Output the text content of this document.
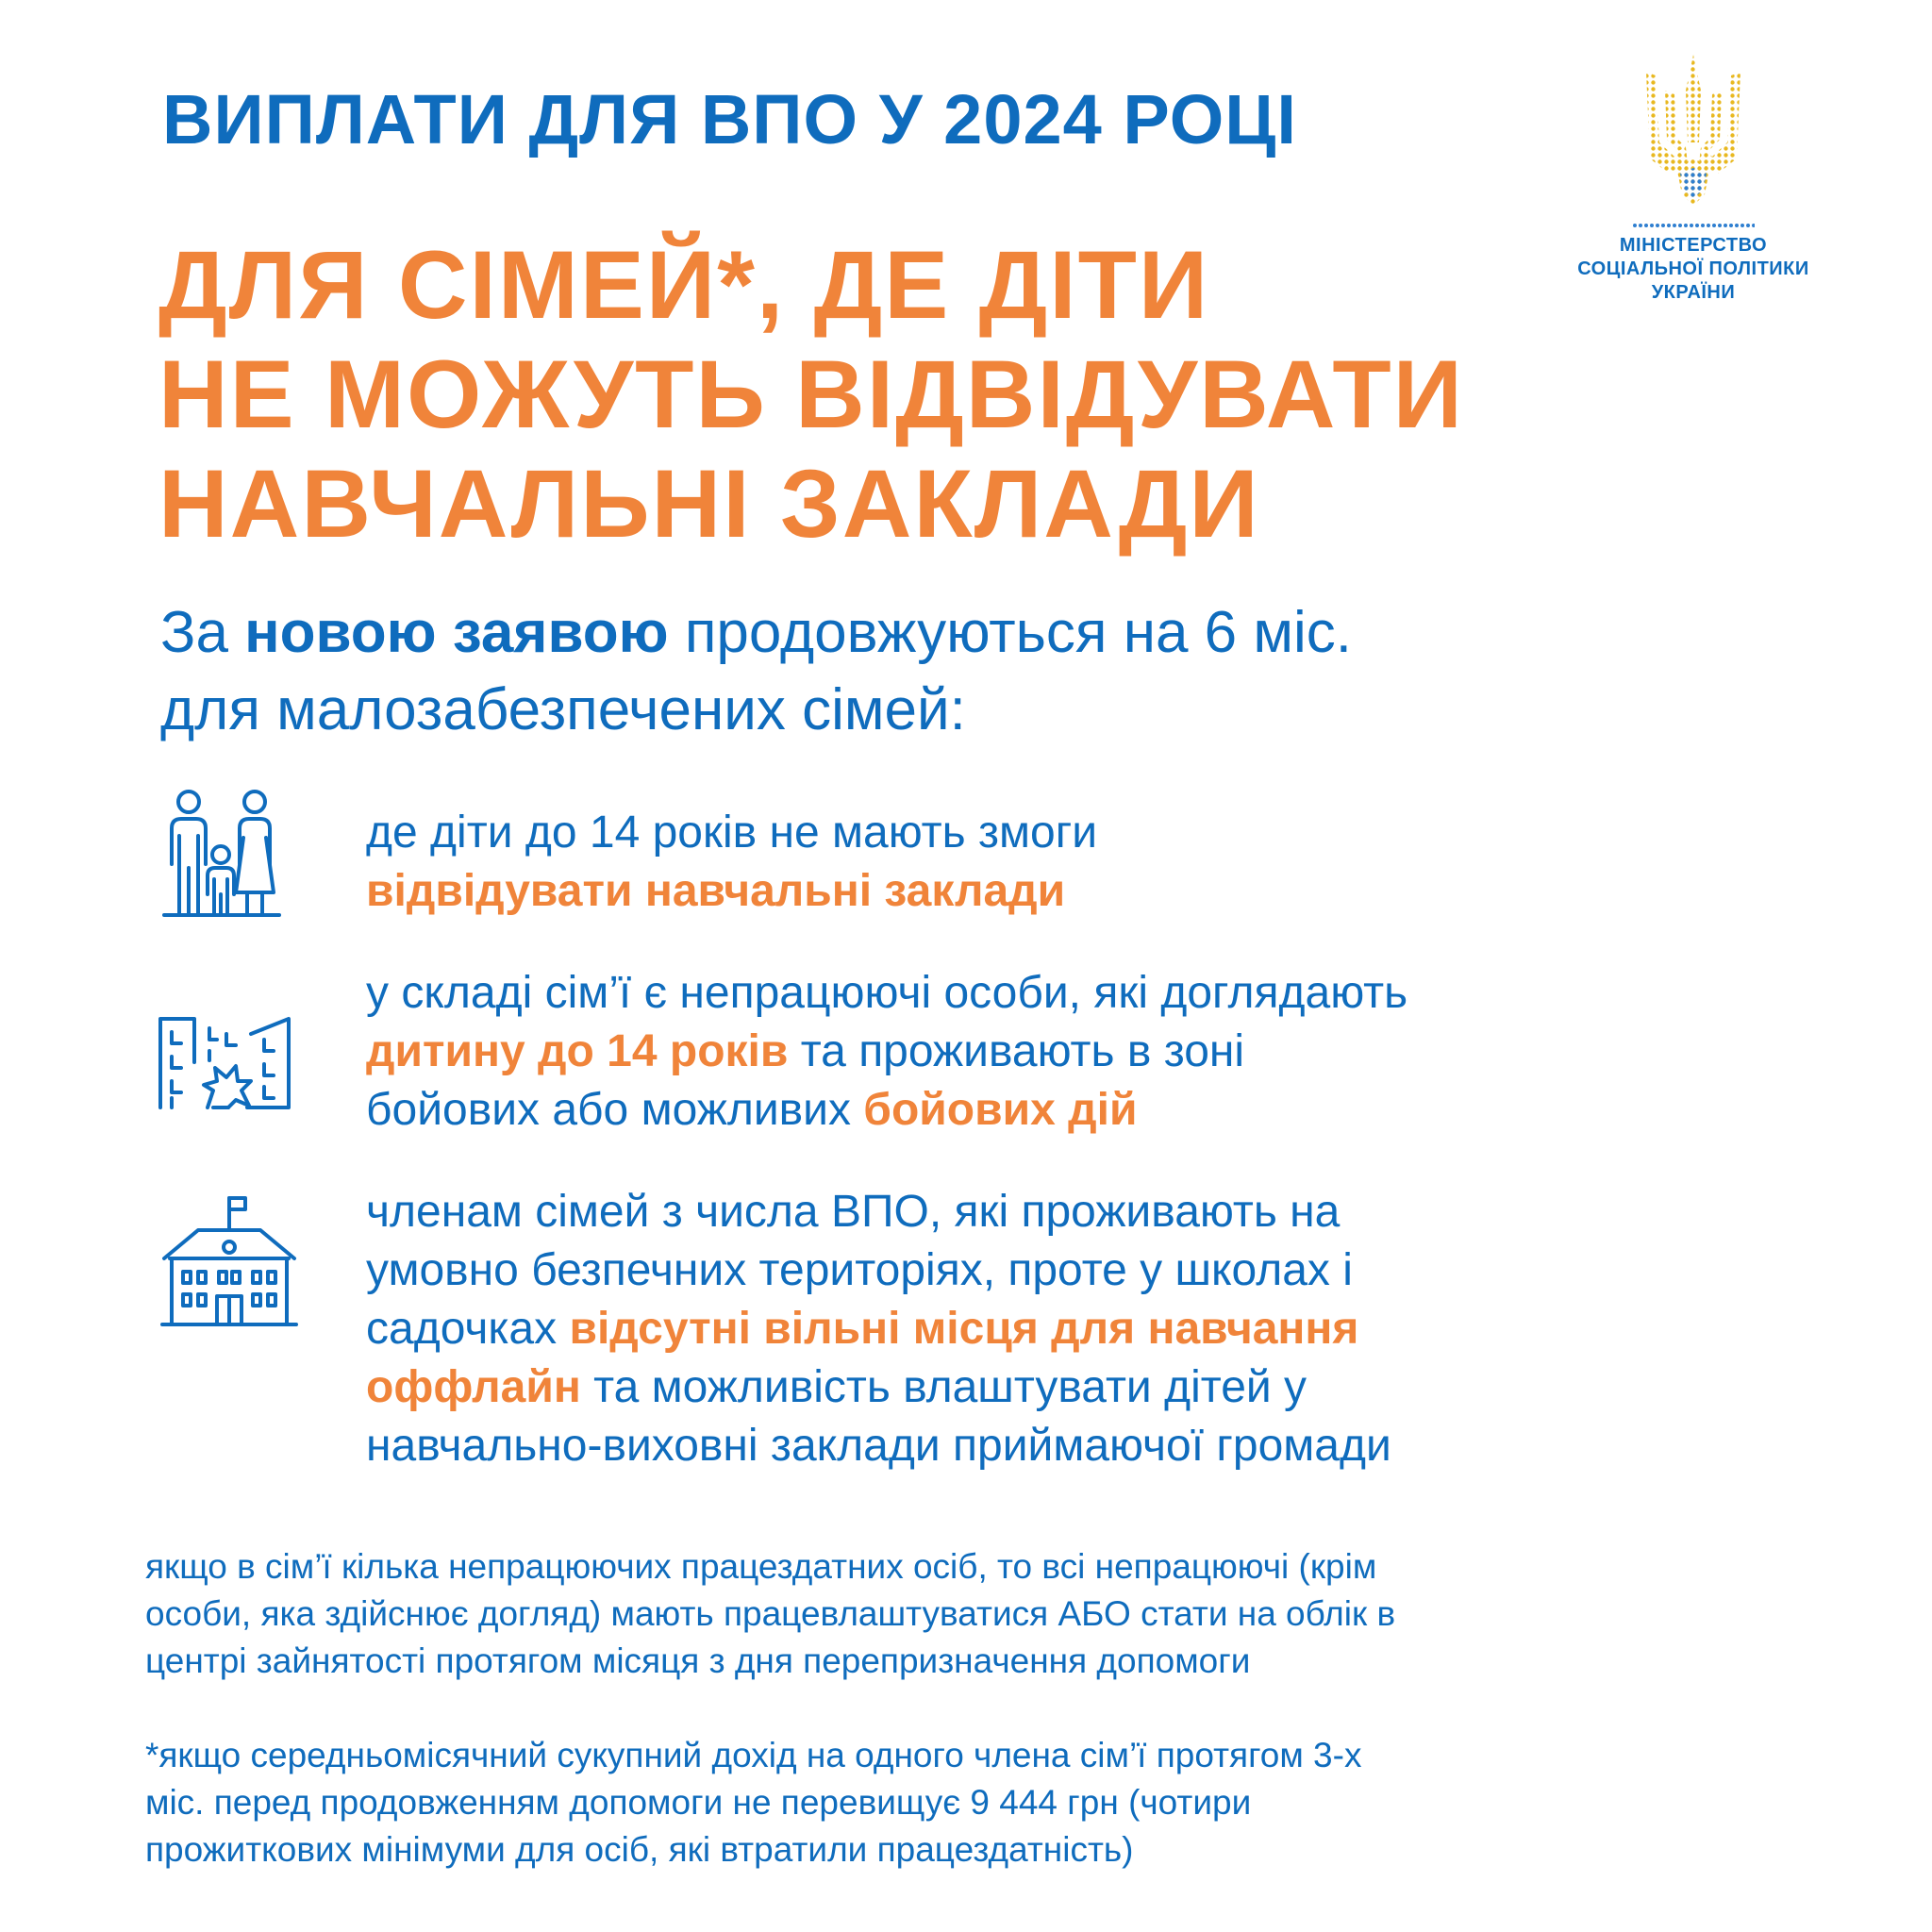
ВИПЛАТИ ДЛЯ ВПО У 2024 РОЦІ
ДЛЯ СІМЕЙ*, ДЕ ДІТИ
НЕ МОЖУТЬ ВІДВІДУВАТИ
НАВЧАЛЬНІ ЗАКЛАДИ
МІНІСТЕРСТВО
СОЦІАЛЬНОЇ ПОЛІТИКИ
УКРАЇНИ
За новою заявою продовжуються на 6 міс.
для малозабезпечених сімей:
де діти до 14 років не мають змоги
відвідувати навчальні заклади
у складі сім’ї є непрацюючі особи, які доглядають
дитину до 14 років та проживають в зоні
бойових або можливих бойових дій
членам сімей з числа ВПО, які проживають на
умовно безпечних територіях, проте у школах і
садочках відсутні вільні місця для навчання
оффлайн та можливість влаштувати дітей у
навчально-виховні заклади приймаючої громади
якщо в сім’ї кілька непрацюючих працездатних осіб, то всі непрацюючі (крім
особи, яка здійснює догляд) мають працевлаштуватися АБО стати на облік в
центрі зайнятості протягом місяця з дня перепризначення допомоги
*якщо середньомісячний сукупний дохід на одного члена сім’ї протягом 3-х
міс. перед продовженням допомоги не перевищує 9 444 грн (чотири
прожиткових мінімуми для осіб, які втратили працездатність)
